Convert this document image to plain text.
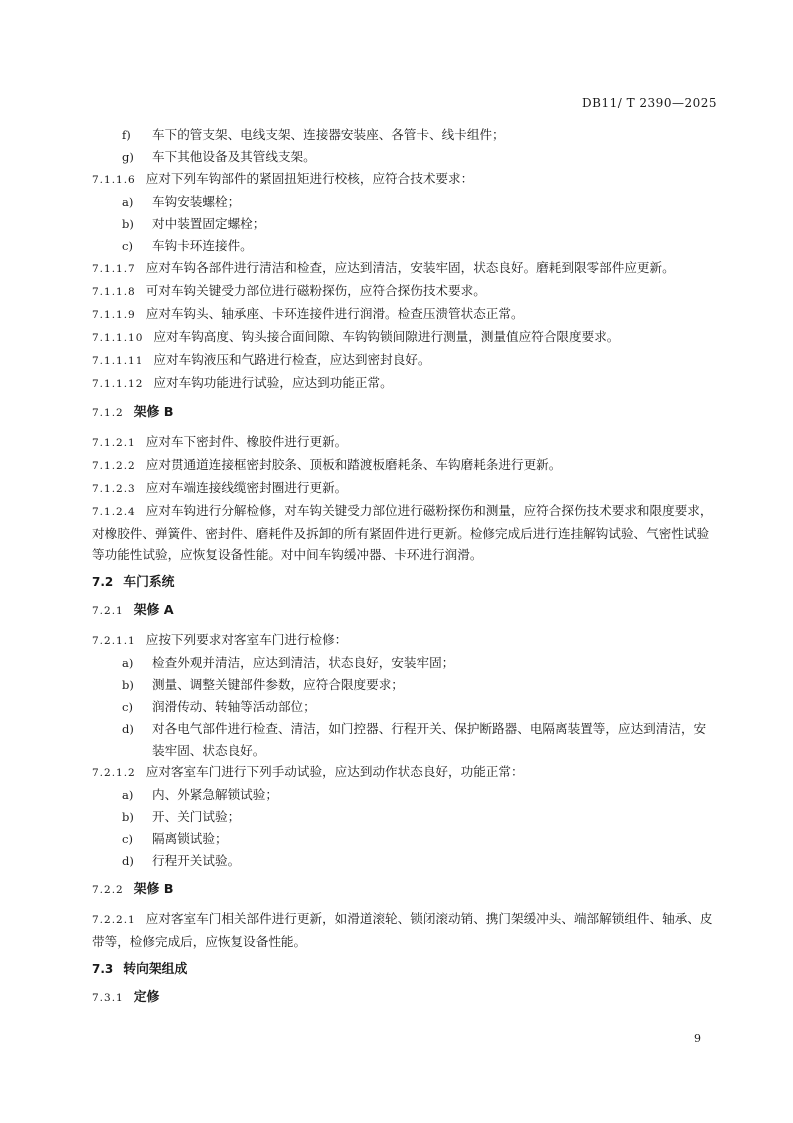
DB11/ T 2390—2025

f) 车下的管支架、电线支架、连接器安装座、各管卡、线卡组件；

g) 车下其他设备及其管线支架。

7.1.1.6 应对下列车钩部件的紧固扭矩进行校核，应符合技术要求：

a) 车钩安装螺栓；

b) 对中装置固定螺栓；

c) 车钩卡环连接件。

7.1.1.7 应对车钩各部件进行清洁和检查，应达到清洁，安装牢固，状态良好。磨耗到限零部件应更新。

7.1.1.8 可对车钩关键受力部位进行磁粉探伤，应符合探伤技术要求。

7.1.1.9 应对车钩头、轴承座、卡环连接件进行润滑。检查压溃管状态正常。

7.1.1.10 应对车钩高度、钩头接合面间隙、车钩钩锁间隙进行测量，测量值应符合限度要求。

7.1.1.11 应对车钩液压和气路进行检查，应达到密封良好。

7.1.1.12 应对车钩功能进行试验，应达到功能正常。

7.1.2 架修 B

7.1.2.1 应对车下密封件、橡胶件进行更新。

7.1.2.2 应对贯通道连接框密封胶条、顶板和踏渡板磨耗条、车钩磨耗条进行更新。

7.1.2.3 应对车端连接线缆密封圈进行更新。

7.1.2.4 应对车钩进行分解检修，对车钩关键受力部位进行磁粉探伤和测量，应符合探伤技术要求和限度要求，对橡胶件、弹簧件、密封件、磨耗件及拆卸的所有紧固件进行更新。检修完成后进行连挂解钩试验、气密性试验等功能性试验，应恢复设备性能。对中间车钩缓冲器、卡环进行润滑。

7.2 车门系统

7.2.1 架修 A

7.2.1.1 应按下列要求对客室车门进行检修：

a) 检查外观并清洁，应达到清洁，状态良好，安装牢固；

b) 测量、调整关键部件参数，应符合限度要求；

c) 润滑传动、转轴等活动部位；

d) 对各电气部件进行检查、清洁，如门控器、行程开关、保护断路器、电隔离装置等，应达到清洁，安装牢固、状态良好。

7.2.1.2 应对客室车门进行下列手动试验，应达到动作状态良好，功能正常：

a) 内、外紧急解锁试验；

b) 开、关门试验；

c) 隔离锁试验；

d) 行程开关试验。

7.2.2 架修 B

7.2.2.1 应对客室车门相关部件进行更新，如滑道滚轮、锁闭滚动销、携门架缓冲头、端部解锁组件、轴承、皮带等，检修完成后，应恢复设备性能。

7.3 转向架组成

7.3.1 定修

9
